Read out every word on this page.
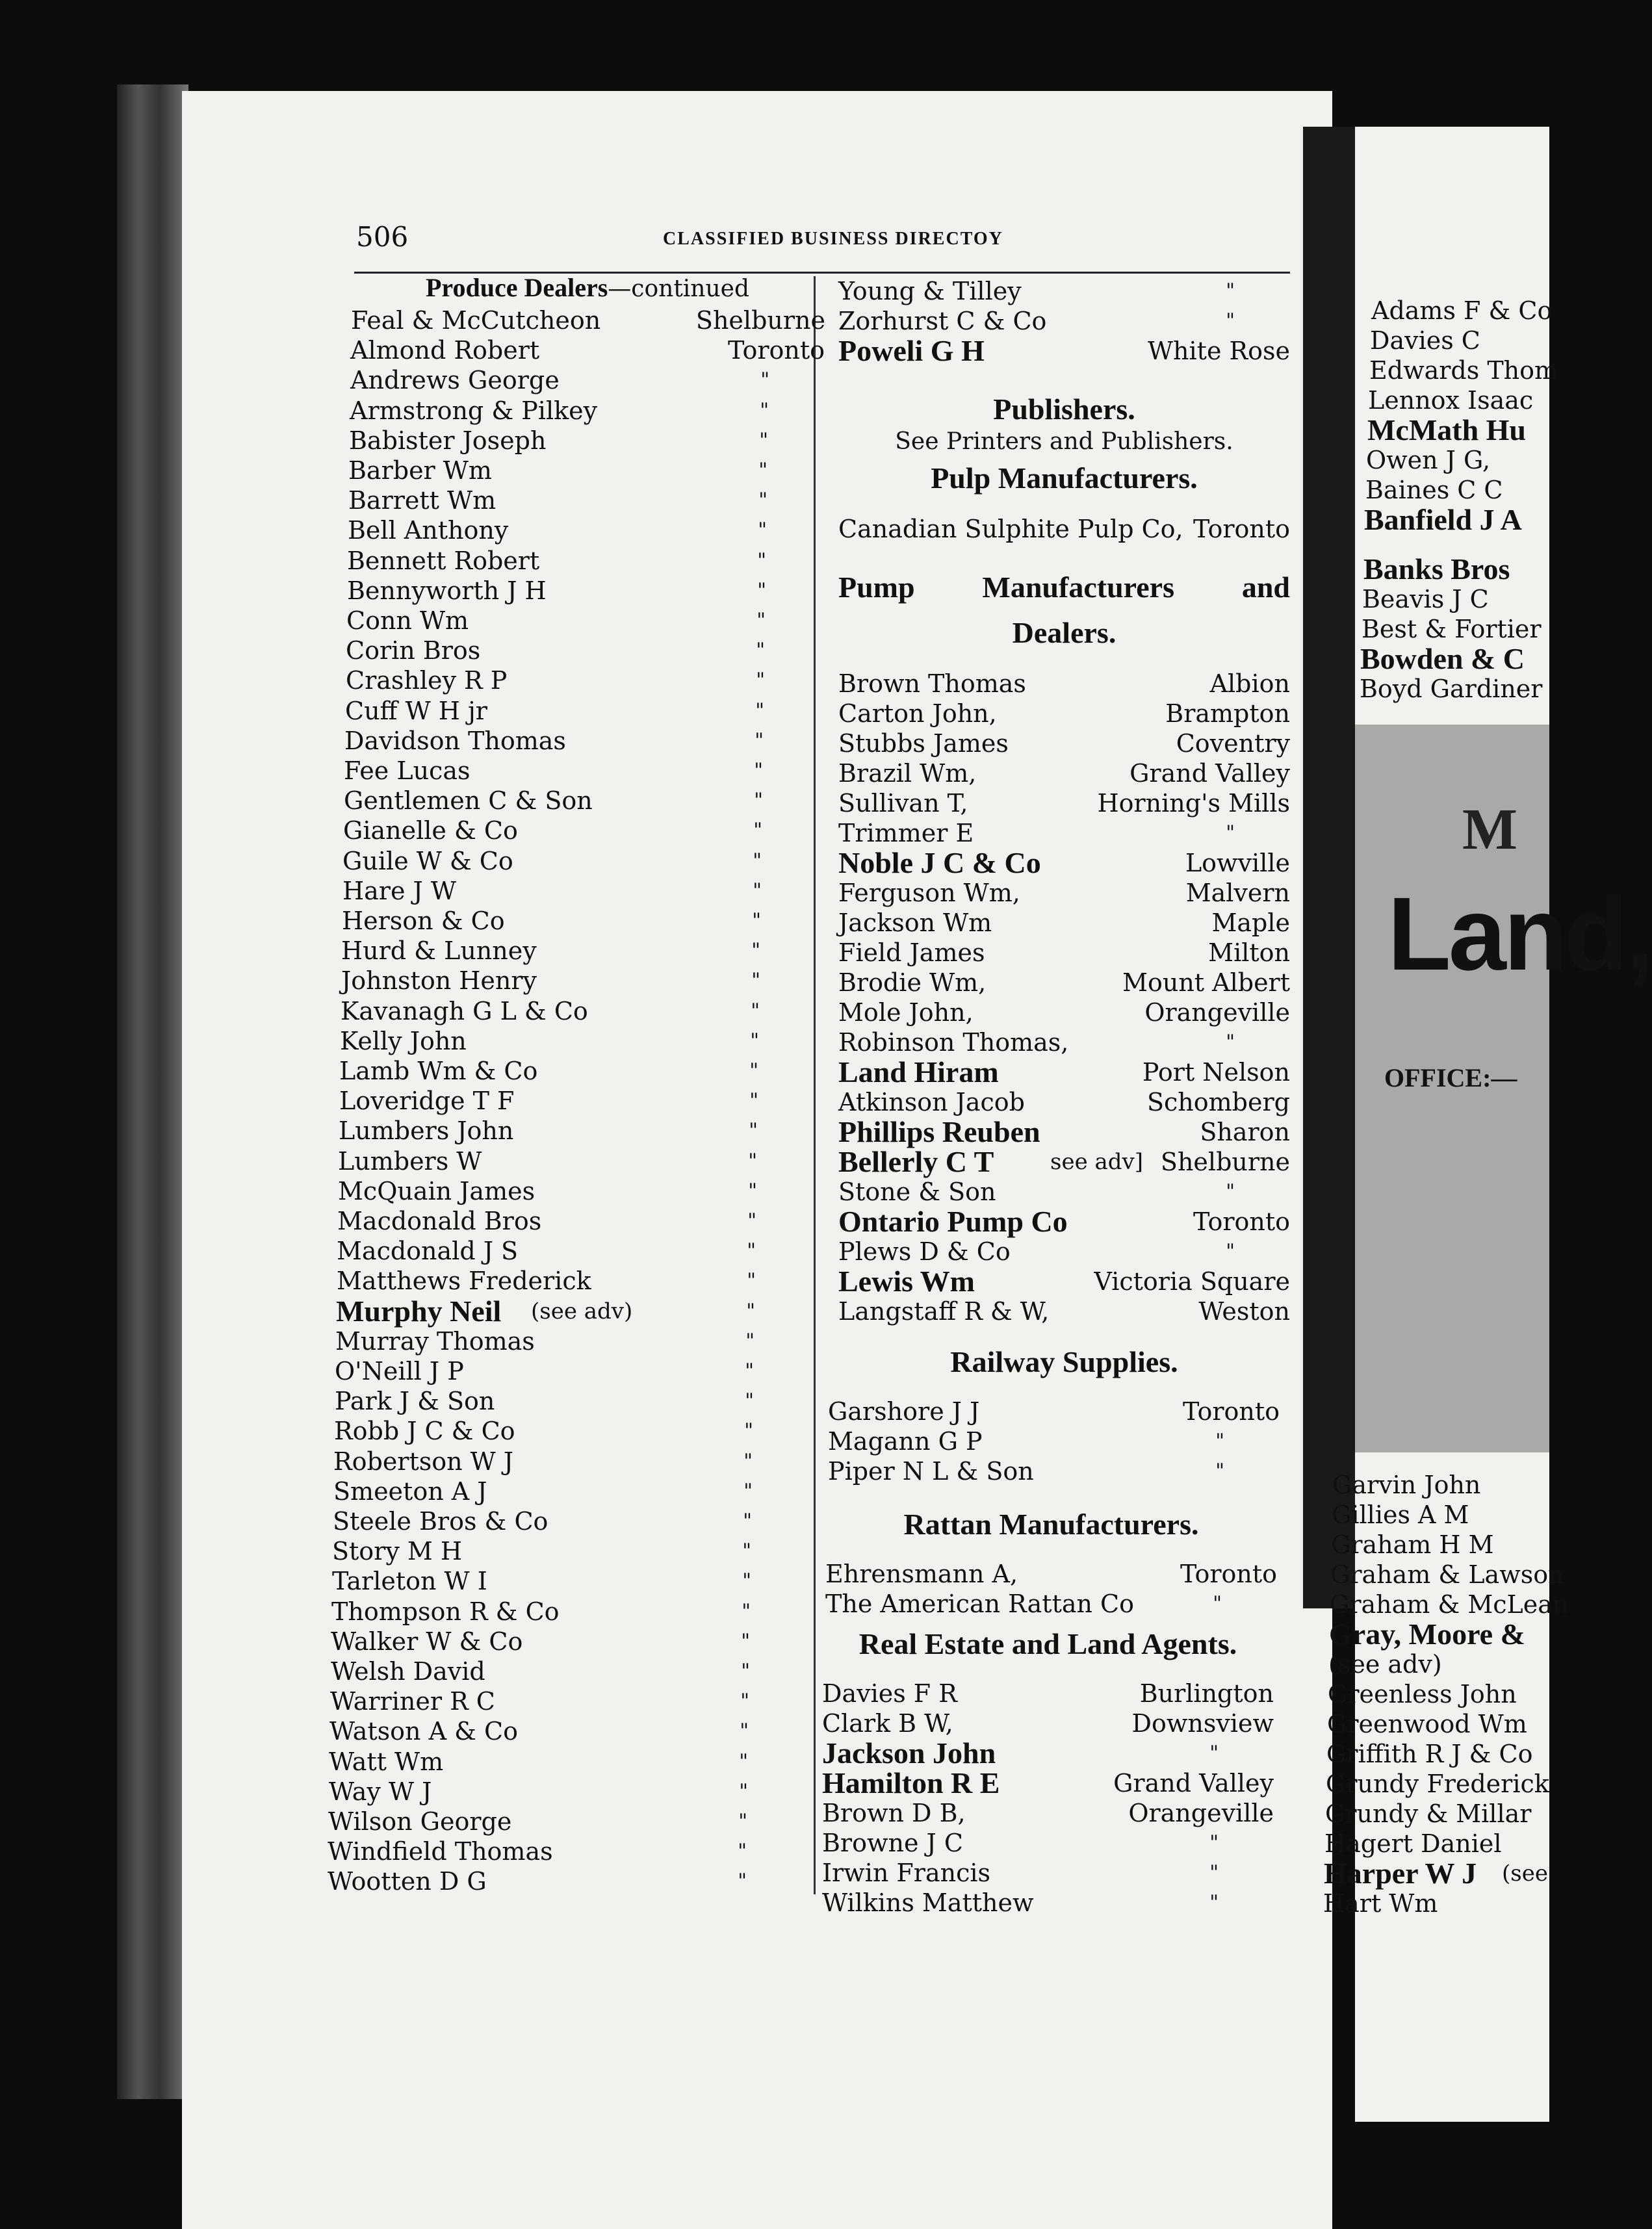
506	CLASSIFIED BUSINESS DIRECTOY
Produce Dealers—continued
Feal & McCutcheon	Shelburne
Almond Robert	Toronto
Andrews George	"
Armstrong & Pilkey	"
Babister Joseph	"
Barber Wm	"
Barrett Wm	"
Bell Anthony	"
Bennett Robert	"
Bennyworth J H	"
Conn Wm	"
Corin Bros	"
Crashley R P	"
Cuff W H jr	"
Davidson Thomas	"
Fee Lucas	"
Gentlemen C & Son	"
Gianelle & Co	"
Guile W & Co	"
Hare J W	"
Herson & Co	"
Hurd & Lunney	"
Johnston Henry	"
Kavanagh G L & Co	"
Kelly John	"
Lamb Wm & Co	"
Loveridge T F	"
Lumbers John	"
Lumbers W	"
McQuain James	"
Macdonald Bros	"
Macdonald J S	"
Matthews Frederick	"
Murphy Neil (see adv)	"
Murray Thomas	"
O'Neill J P	"
Park J & Son	"
Robb J C & Co	"
Robertson W J	"
Smeeton A J	"
Steele Bros & Co	"
Story M H	"
Tarleton W I	"
Thompson R & Co	"
Walker W & Co	"
Welsh David	"
Warriner R C	"
Watson A & Co	"
Watt Wm	"
Way W J	"
Wilson George	"
Windfield Thomas	"
Wootten D G	"
Young & Tilley	"
Zorhurst C & Co	"
Poweli G H	White Rose
Publishers.
See Printers and Publishers.
Pulp Manufacturers.
Canadian Sulphite Pulp Co, Toronto
Pump Manufacturers and
Dealers.
Brown Thomas	Albion
Carton John,	Brampton
Stubbs James	Coventry
Brazil Wm,	Grand Valley
Sullivan T,	Horning's Mills
Trimmer E	"
Noble J C & Co	Lowville
Ferguson Wm,	Malvern
Jackson Wm	Maple
Field James	Milton
Brodie Wm,	Mount Albert
Mole John,	Orangeville
Robinson Thomas,	"
Land Hiram	Port Nelson
Atkinson Jacob	Schomberg
Phillips Reuben	Sharon
Bellerly C T	see adv] Shelburne
Stone & Son	"
Ontario Pump Co	Toronto
Plews D & Co	"
Lewis Wm	Victoria Square
Langstaff R & W,	Weston
Railway Supplies.
Garshore J J	Toronto
Magann G P	"
Piper N L & Son	"
Rattan Manufacturers.
Ehrensmann A,	Toronto
The American Rattan Co	"
Real Estate and Land Agents.
Davies F R	Burlington
Clark B W,	Downsview
Jackson John	"
Hamilton R E	Grand Valley
Brown D B,	Orangeville
Browne J C	"
Irwin Francis	"
Wilkins Matthew	"
M
Land,
OFFICE:—
Adams F & Co
Davies C
Edwards Thom
Lennox Isaac
McMath Hu
Owen J G,
Baines C C
Banfield J A
Banks Bros
Beavis J C
Best & Fortier
Bowden & C
Boyd Gardiner
Garvin John
Gillies A M
Graham H M
Graham & Lawson
Graham & McLean
Gray, Moore &
(see adv)
Greenless John
Greenwood Wm
Griffith R J & Co
Grundy Frederick
Grundy & Millar
Hagert Daniel
Harper W J (see
Hart Wm
